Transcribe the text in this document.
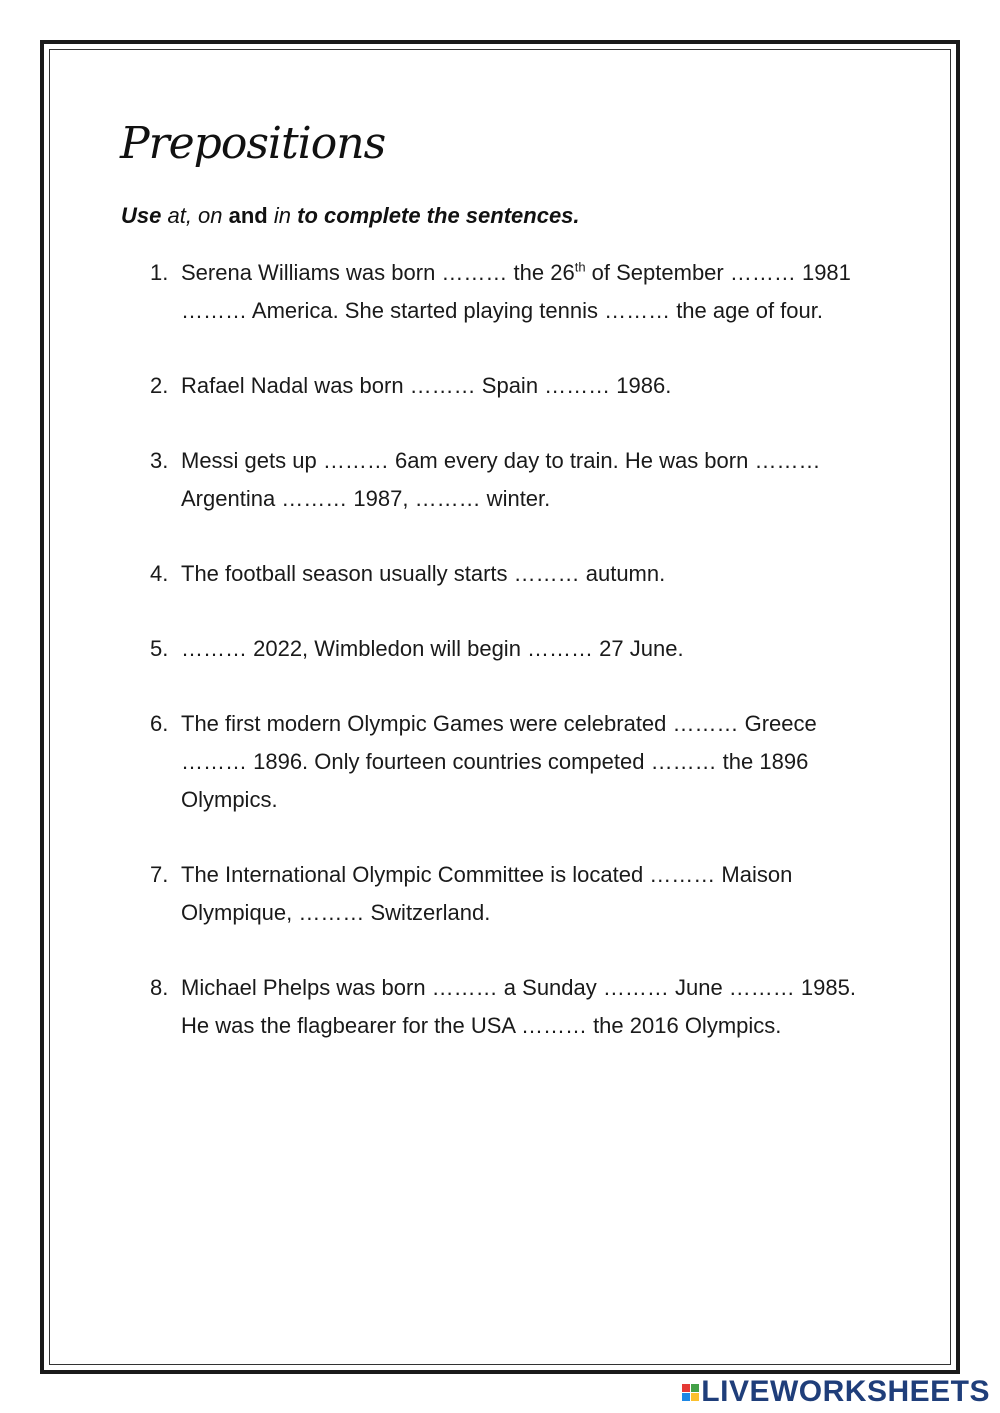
Prepositions
Use at, on and in to complete the sentences.
1. Serena Williams was born ……… the 26th of September ……… 1981 ……… America. She started playing tennis ……… the age of four.
2. Rafael Nadal was born ……… Spain ……… 1986.
3. Messi gets up ……… 6am every day to train. He was born ……… Argentina ……… 1987, ……… winter.
4. The football season usually starts ……… autumn.
5. ……… 2022, Wimbledon will begin ……… 27 June.
6. The first modern Olympic Games were celebrated ……… Greece ……… 1896. Only fourteen countries competed ……… the 1896 Olympics.
7. The International Olympic Committee is located ……… Maison Olympique, ……… Switzerland.
8. Michael Phelps was born ……… a Sunday ……… June ……… 1985. He was the flagbearer for the USA ……… the 2016 Olympics.
LIVEWORKSHEETS
